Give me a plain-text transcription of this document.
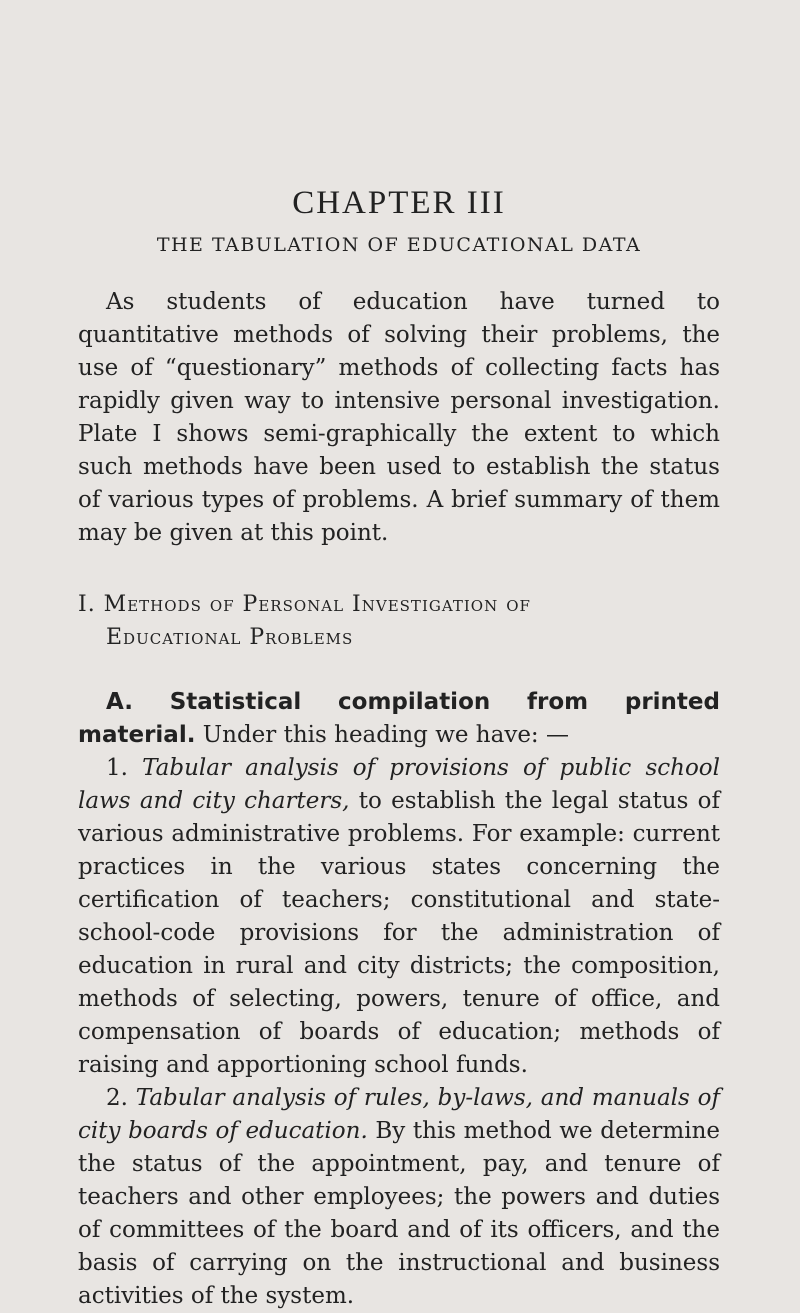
CHAPTER III
THE TABULATION OF EDUCATIONAL DATA

As students of education have turned to quantitative methods of solving their problems, the use of “questionary” methods of collecting facts has rapidly given way to intensive personal investigation. Plate I shows semi-graphically the extent to which such methods have been used to establish the status of various types of problems. A brief summary of them may be given at this point.

I. Methods of Personal Investigation of
Educational Problems

A. Statistical compilation from printed material. Under this heading we have: —

1. Tabular analysis of provisions of public school laws and city charters, to establish the legal status of various administrative problems. For example: current practices in the various states concerning the certification of teachers; constitutional and state-school-code provisions for the administration of education in rural and city districts; the composition, methods of selecting, powers, tenure of office, and compensation of boards of education; methods of raising and apportioning school funds.

2. Tabular analysis of rules, by-laws, and manuals of city boards of education. By this method we determine the status of the appointment, pay, and tenure of teachers and other employees; the powers and duties of committees of the board and of its officers, and the basis of carrying on the instructional and business activities of the system.
